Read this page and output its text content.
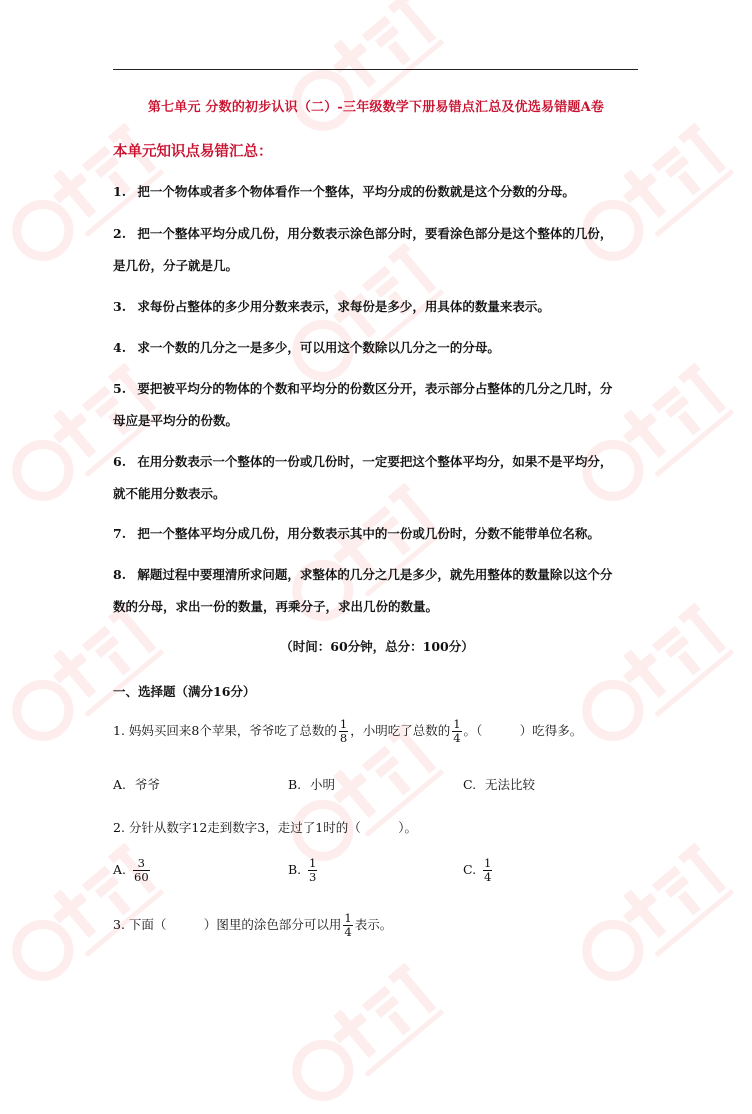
第七单元 分数的初步认识（二）-三年级数学下册易错点汇总及优选易错题A卷
本单元知识点易错汇总：
1. 把一个物体或者多个物体看作一个整体，平均分成的份数就是这个分数的分母。
2. 把一个整体平均分成几份，用分数表示涂色部分时，要看涂色部分是这个整体的几份，
是几份，分子就是几。
3. 求每份占整体的多少用分数来表示，求每份是多少，用具体的数量来表示。
4. 求一个数的几分之一是多少，可以用这个数除以几分之一的分母。
5. 要把被平均分的物体的个数和平均分的份数区分开，表示部分占整体的几分之几时，分
母应是平均分的份数。
6. 在用分数表示一个整体的一份或几份时，一定要把这个整体平均分，如果不是平均分，
就不能用分数表示。
7. 把一个整体平均分成几份，用分数表示其中的一份或几份时，分数不能带单位名称。
8. 解题过程中要理清所求问题，求整体的几分之几是多少，就先用整体的数量除以这个分
数的分母，求出一份的数量，再乘分子，求出几份的数量。
（时间：60分钟，总分：100分）
一、选择题（满分16分）
1. 妈妈买回来8个苹果，爷爷吃了总数的 $\frac{1}{8}$ ，小明吃了总数的 $\frac{1}{4}$ 。（　　　）吃得多。
A. 爷爷	B. 小明	C. 无法比较
2. 分针从数字12走到数字3，走过了1时的（　　　）。
A. $\frac{3}{60}$	B. $\frac{1}{3}$	C. $\frac{1}{4}$
3. 下面（　　　）图里的涂色部分可以用 $\frac{1}{4}$ 表示。
